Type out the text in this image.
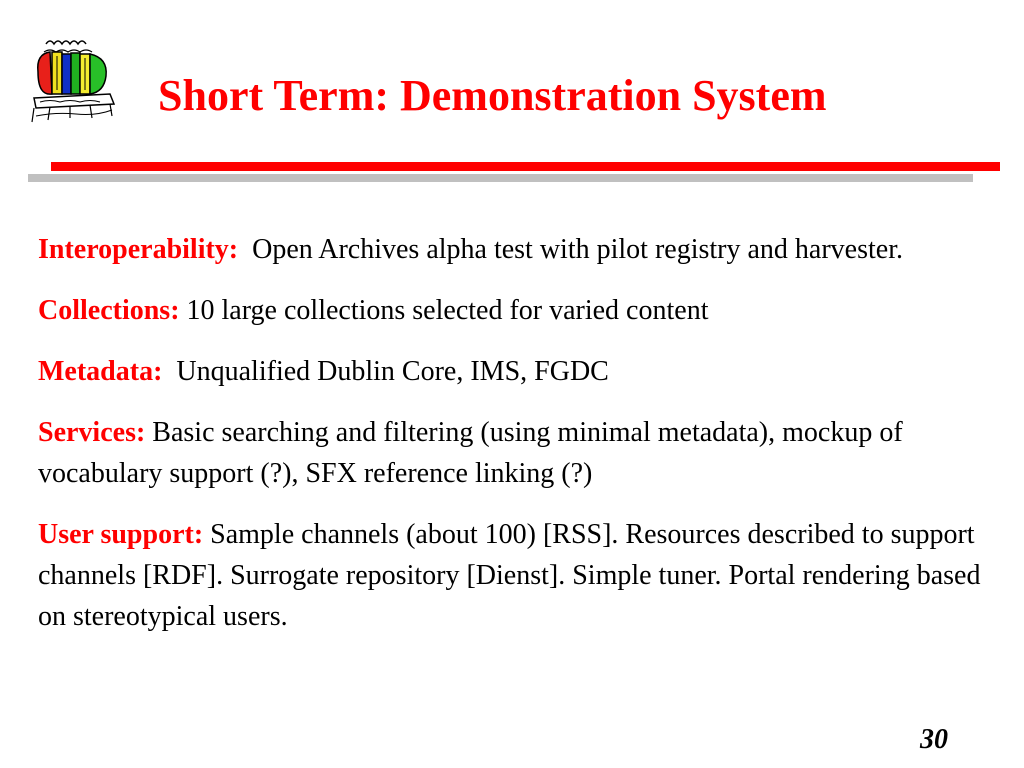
Short Term: Demonstration System

Interoperability: Open Archives alpha test with pilot registry and harvester.

Collections: 10 large collections selected for varied content

Metadata: Unqualified Dublin Core, IMS, FGDC

Services: Basic searching and filtering (using minimal metadata), mockup of vocabulary support (?), SFX reference linking (?)

User support: Sample channels (about 100) [RSS]. Resources described to support channels [RDF]. Surrogate repository [Dienst]. Simple tuner. Portal rendering based on stereotypical users.

30
